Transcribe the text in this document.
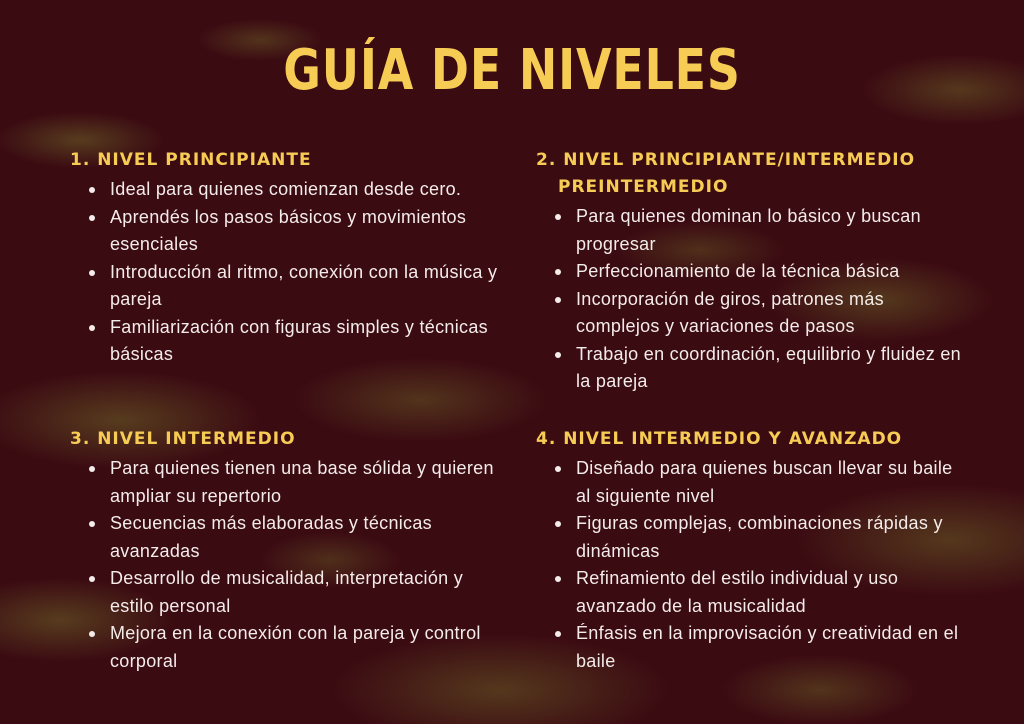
GUÍA DE NIVELES
1. NIVEL PRINCIPIANTE
Ideal para quienes comienzan desde cero.
Aprendés los pasos básicos y movimientos esenciales
Introducción al ritmo, conexión con la música y pareja
Familiarización con figuras simples y técnicas básicas
2. NIVEL PRINCIPIANTE/INTERMEDIO
PREINTERMEDIO
Para quienes dominan lo básico y buscan progresar
Perfeccionamiento de la técnica básica
Incorporación de giros, patrones más complejos y variaciones de pasos
Trabajo en coordinación, equilibrio y fluidez en la pareja
3. NIVEL INTERMEDIO
Para quienes tienen una base sólida y quieren ampliar su repertorio
Secuencias más elaboradas y técnicas avanzadas
Desarrollo de musicalidad, interpretación y estilo personal
Mejora en la conexión con la pareja y control corporal
4. NIVEL INTERMEDIO Y AVANZADO
Diseñado para quienes buscan llevar su baile al siguiente nivel
Figuras complejas, combinaciones rápidas y dinámicas
Refinamiento del estilo individual y uso avanzado de la musicalidad
Énfasis en la improvisación y creatividad en el baile
